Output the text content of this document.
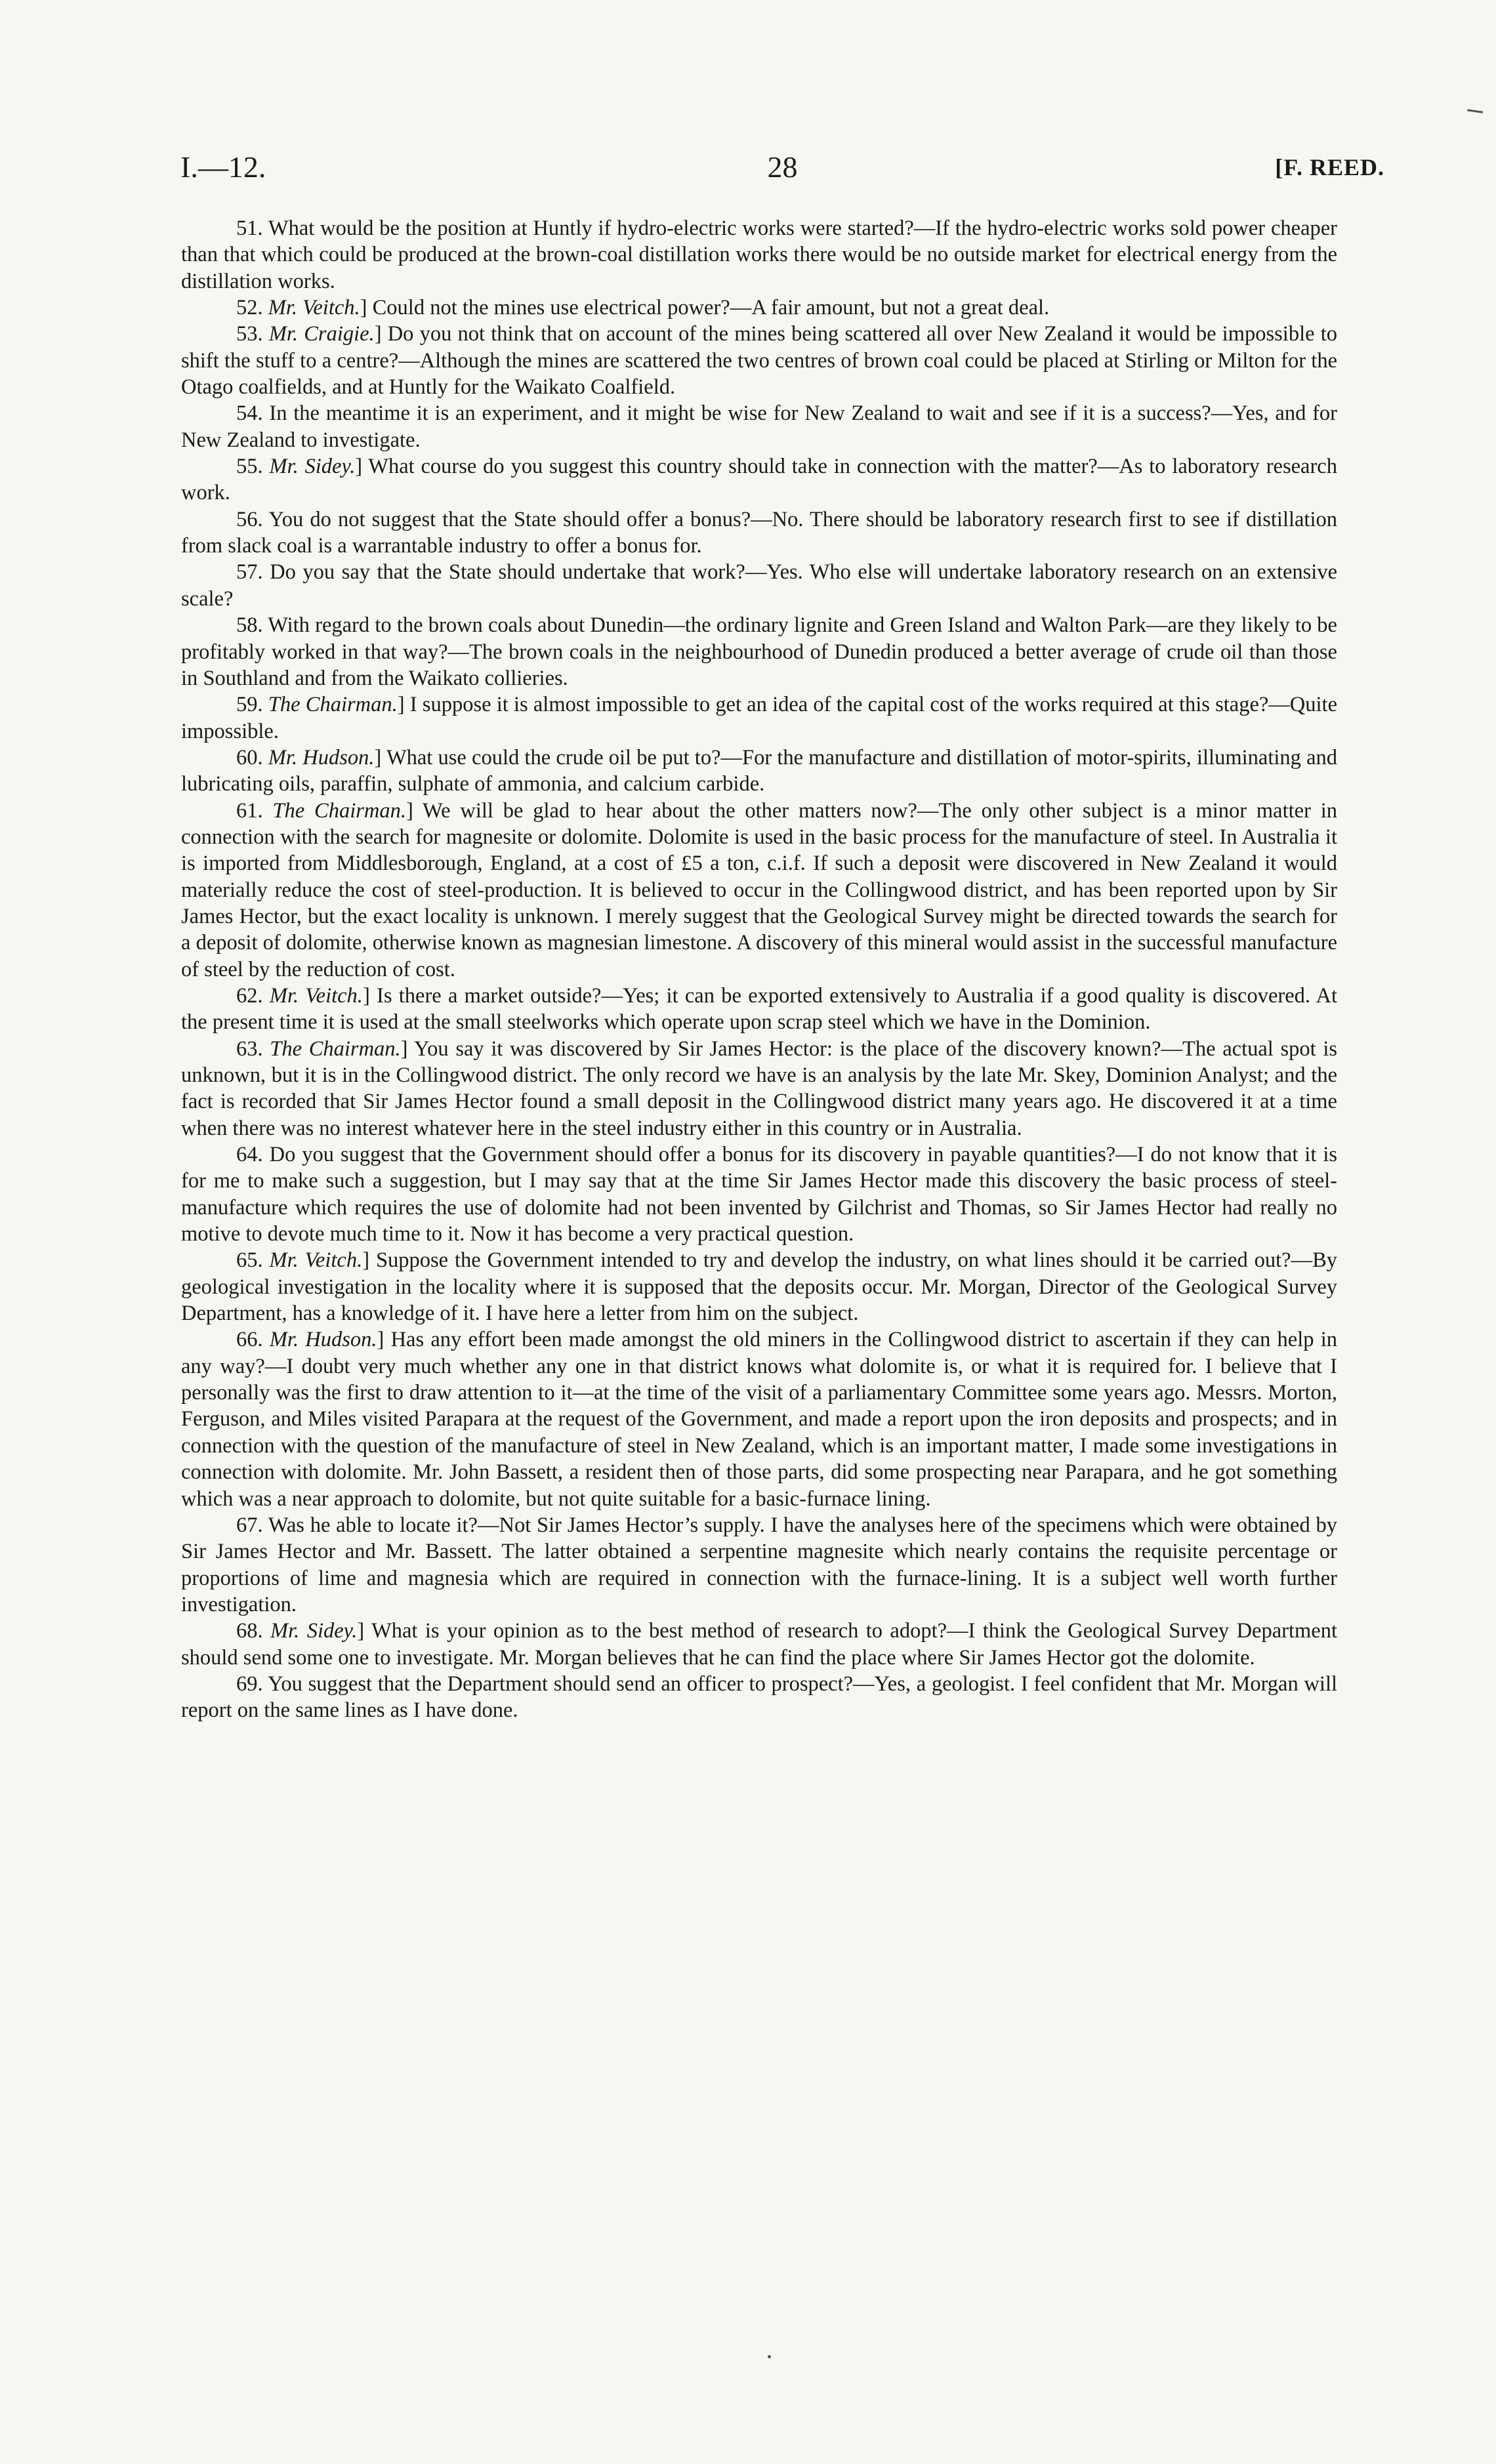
I.—12.	28	[F. REED.

51. What would be the position at Huntly if hydro-electric works were started?—If the hydro-electric works sold power cheaper than that which could be produced at the brown-coal distillation works there would be no outside market for electrical energy from the distillation works.

52. Mr. Veitch.] Could not the mines use electrical power?—A fair amount, but not a great deal.

53. Mr. Craigie.] Do you not think that on account of the mines being scattered all over New Zealand it would be impossible to shift the stuff to a centre?—Although the mines are scattered the two centres of brown coal could be placed at Stirling or Milton for the Otago coalfields, and at Huntly for the Waikato Coalfield.

54. In the meantime it is an experiment, and it might be wise for New Zealand to wait and see if it is a success?—Yes, and for New Zealand to investigate.

55. Mr. Sidey.] What course do you suggest this country should take in connection with the matter?—As to laboratory research work.

56. You do not suggest that the State should offer a bonus?—No. There should be laboratory research first to see if distillation from slack coal is a warrantable industry to offer a bonus for.

57. Do you say that the State should undertake that work?—Yes. Who else will undertake laboratory research on an extensive scale?

58. With regard to the brown coals about Dunedin—the ordinary lignite and Green Island and Walton Park—are they likely to be profitably worked in that way?—The brown coals in the neighbourhood of Dunedin produced a better average of crude oil than those in Southland and from the Waikato collieries.

59. The Chairman.] I suppose it is almost impossible to get an idea of the capital cost of the works required at this stage?—Quite impossible.

60. Mr. Hudson.] What use could the crude oil be put to?—For the manufacture and distillation of motor-spirits, illuminating and lubricating oils, paraffin, sulphate of ammonia, and calcium carbide.

61. The Chairman.] We will be glad to hear about the other matters now?—The only other subject is a minor matter in connection with the search for magnesite or dolomite. Dolomite is used in the basic process for the manufacture of steel. In Australia it is imported from Middlesborough, England, at a cost of £5 a ton, c.i.f. If such a deposit were discovered in New Zealand it would materially reduce the cost of steel-production. It is believed to occur in the Collingwood district, and has been reported upon by Sir James Hector, but the exact locality is unknown. I merely suggest that the Geological Survey might be directed towards the search for a deposit of dolomite, otherwise known as magnesian limestone. A discovery of this mineral would assist in the successful manufacture of steel by the reduction of cost.

62. Mr. Veitch.] Is there a market outside?—Yes; it can be exported extensively to Australia if a good quality is discovered. At the present time it is used at the small steelworks which operate upon scrap steel which we have in the Dominion.

63. The Chairman.] You say it was discovered by Sir James Hector: is the place of the discovery known?—The actual spot is unknown, but it is in the Collingwood district. The only record we have is an analysis by the late Mr. Skey, Dominion Analyst; and the fact is recorded that Sir James Hector found a small deposit in the Collingwood district many years ago. He discovered it at a time when there was no interest whatever here in the steel industry either in this country or in Australia.

64. Do you suggest that the Government should offer a bonus for its discovery in payable quantities?—I do not know that it is for me to make such a suggestion, but I may say that at the time Sir James Hector made this discovery the basic process of steel-manufacture which requires the use of dolomite had not been invented by Gilchrist and Thomas, so Sir James Hector had really no motive to devote much time to it. Now it has become a very practical question.

65. Mr. Veitch.] Suppose the Government intended to try and develop the industry, on what lines should it be carried out?—By geological investigation in the locality where it is supposed that the deposits occur. Mr. Morgan, Director of the Geological Survey Department, has a knowledge of it. I have here a letter from him on the subject.

66. Mr. Hudson.] Has any effort been made amongst the old miners in the Collingwood district to ascertain if they can help in any way?—I doubt very much whether any one in that district knows what dolomite is, or what it is required for. I believe that I personally was the first to draw attention to it—at the time of the visit of a parliamentary Committee some years ago. Messrs. Morton, Ferguson, and Miles visited Parapara at the request of the Government, and made a report upon the iron deposits and prospects; and in connection with the question of the manufacture of steel in New Zealand, which is an important matter, I made some investigations in connection with dolomite. Mr. John Bassett, a resident then of those parts, did some prospecting near Parapara, and he got something which was a near approach to dolomite, but not quite suitable for a basic-furnace lining.

67. Was he able to locate it?—Not Sir James Hector’s supply. I have the analyses here of the specimens which were obtained by Sir James Hector and Mr. Bassett. The latter obtained a serpentine magnesite which nearly contains the requisite percentage or proportions of lime and magnesia which are required in connection with the furnace-lining. It is a subject well worth further investigation.

68. Mr. Sidey.] What is your opinion as to the best method of research to adopt?—I think the Geological Survey Department should send some one to investigate. Mr. Morgan believes that he can find the place where Sir James Hector got the dolomite.

69. You suggest that the Department should send an officer to prospect?—Yes, a geologist. I feel confident that Mr. Morgan will report on the same lines as I have done.
